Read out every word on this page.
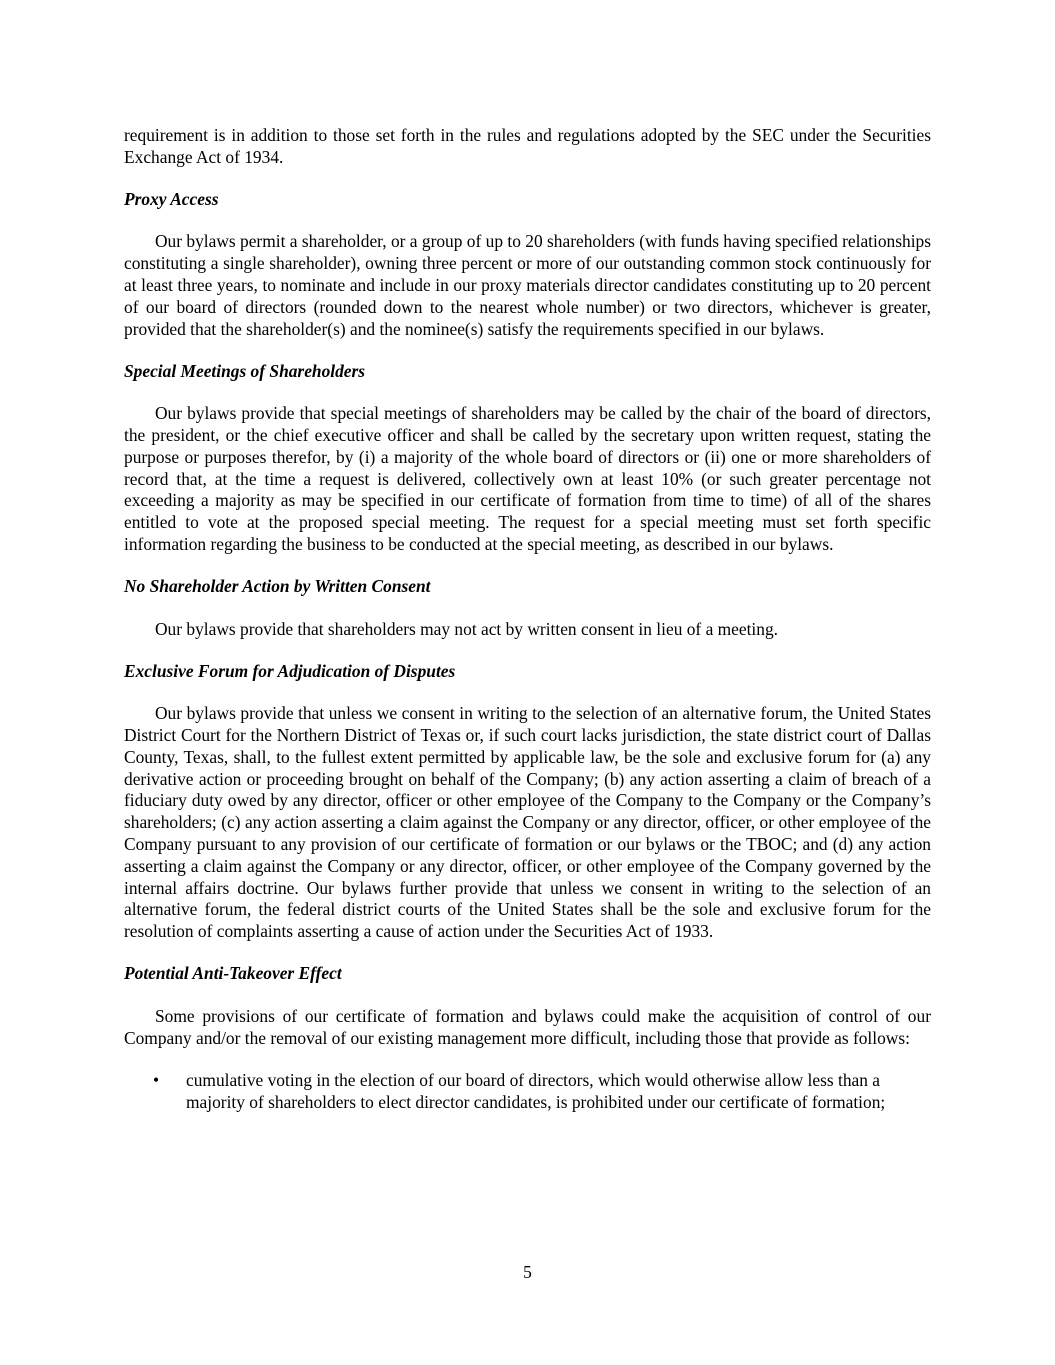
requirement is in addition to those set forth in the rules and regulations adopted by the SEC under the Securities Exchange Act of 1934.

Proxy Access

Our bylaws permit a shareholder, or a group of up to 20 shareholders (with funds having specified relationships constituting a single shareholder), owning three percent or more of our outstanding common stock continuously for at least three years, to nominate and include in our proxy materials director candidates constituting up to 20 percent of our board of directors (rounded down to the nearest whole number) or two directors, whichever is greater, provided that the shareholder(s) and the nominee(s) satisfy the requirements specified in our bylaws.

Special Meetings of Shareholders

Our bylaws provide that special meetings of shareholders may be called by the chair of the board of directors, the president, or the chief executive officer and shall be called by the secretary upon written request, stating the purpose or purposes therefor, by (i) a majority of the whole board of directors or (ii) one or more shareholders of record that, at the time a request is delivered, collectively own at least 10% (or such greater percentage not exceeding a majority as may be specified in our certificate of formation from time to time) of all of the shares entitled to vote at the proposed special meeting. The request for a special meeting must set forth specific information regarding the business to be conducted at the special meeting, as described in our bylaws.

No Shareholder Action by Written Consent

Our bylaws provide that shareholders may not act by written consent in lieu of a meeting.

Exclusive Forum for Adjudication of Disputes

Our bylaws provide that unless we consent in writing to the selection of an alternative forum, the United States District Court for the Northern District of Texas or, if such court lacks jurisdiction, the state district court of Dallas County, Texas, shall, to the fullest extent permitted by applicable law, be the sole and exclusive forum for (a) any derivative action or proceeding brought on behalf of the Company; (b) any action asserting a claim of breach of a fiduciary duty owed by any director, officer or other employee of the Company to the Company or the Company’s shareholders; (c) any action asserting a claim against the Company or any director, officer, or other employee of the Company pursuant to any provision of our certificate of formation or our bylaws or the TBOC; and (d) any action asserting a claim against the Company or any director, officer, or other employee of the Company governed by the internal affairs doctrine. Our bylaws further provide that unless we consent in writing to the selection of an alternative forum, the federal district courts of the United States shall be the sole and exclusive forum for the resolution of complaints asserting a cause of action under the Securities Act of 1933.

Potential Anti-Takeover Effect

Some provisions of our certificate of formation and bylaws could make the acquisition of control of our Company and/or the removal of our existing management more difficult, including those that provide as follows:

• cumulative voting in the election of our board of directors, which would otherwise allow less than a majority of shareholders to elect director candidates, is prohibited under our certificate of formation;
5
